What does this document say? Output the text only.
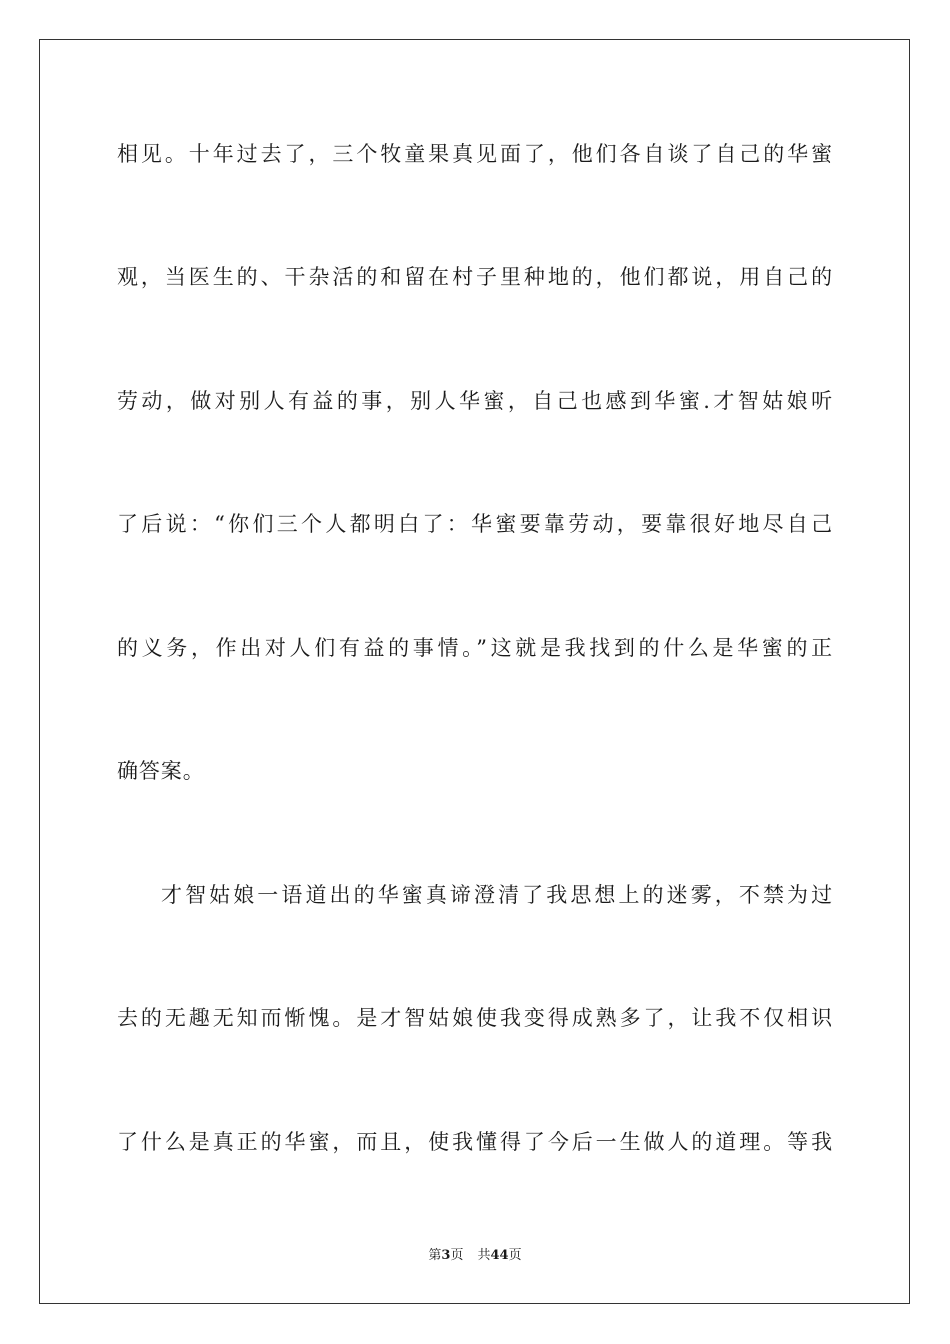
相见。十年过去了，三个牧童果真见面了，他们各自谈了自己的华蜜
观，当医生的、干杂活的和留在村子里种地的，他们都说，用自己的
劳动，做对别人有益的事，别人华蜜，自己也感到华蜜.才智姑娘听
了后说：“你们三个人都明白了：华蜜要靠劳动，要靠很好地尽自己
的义务，作出对人们有益的事情。”这就是我找到的什么是华蜜的正
确答案。
才智姑娘一语道出的华蜜真谛澄清了我思想上的迷雾，不禁为过
去的无趣无知而惭愧。是才智姑娘使我变得成熟多了，让我不仅相识
了什么是真正的华蜜，而且，使我懂得了今后一生做人的道理。等我
第3页 共44页
